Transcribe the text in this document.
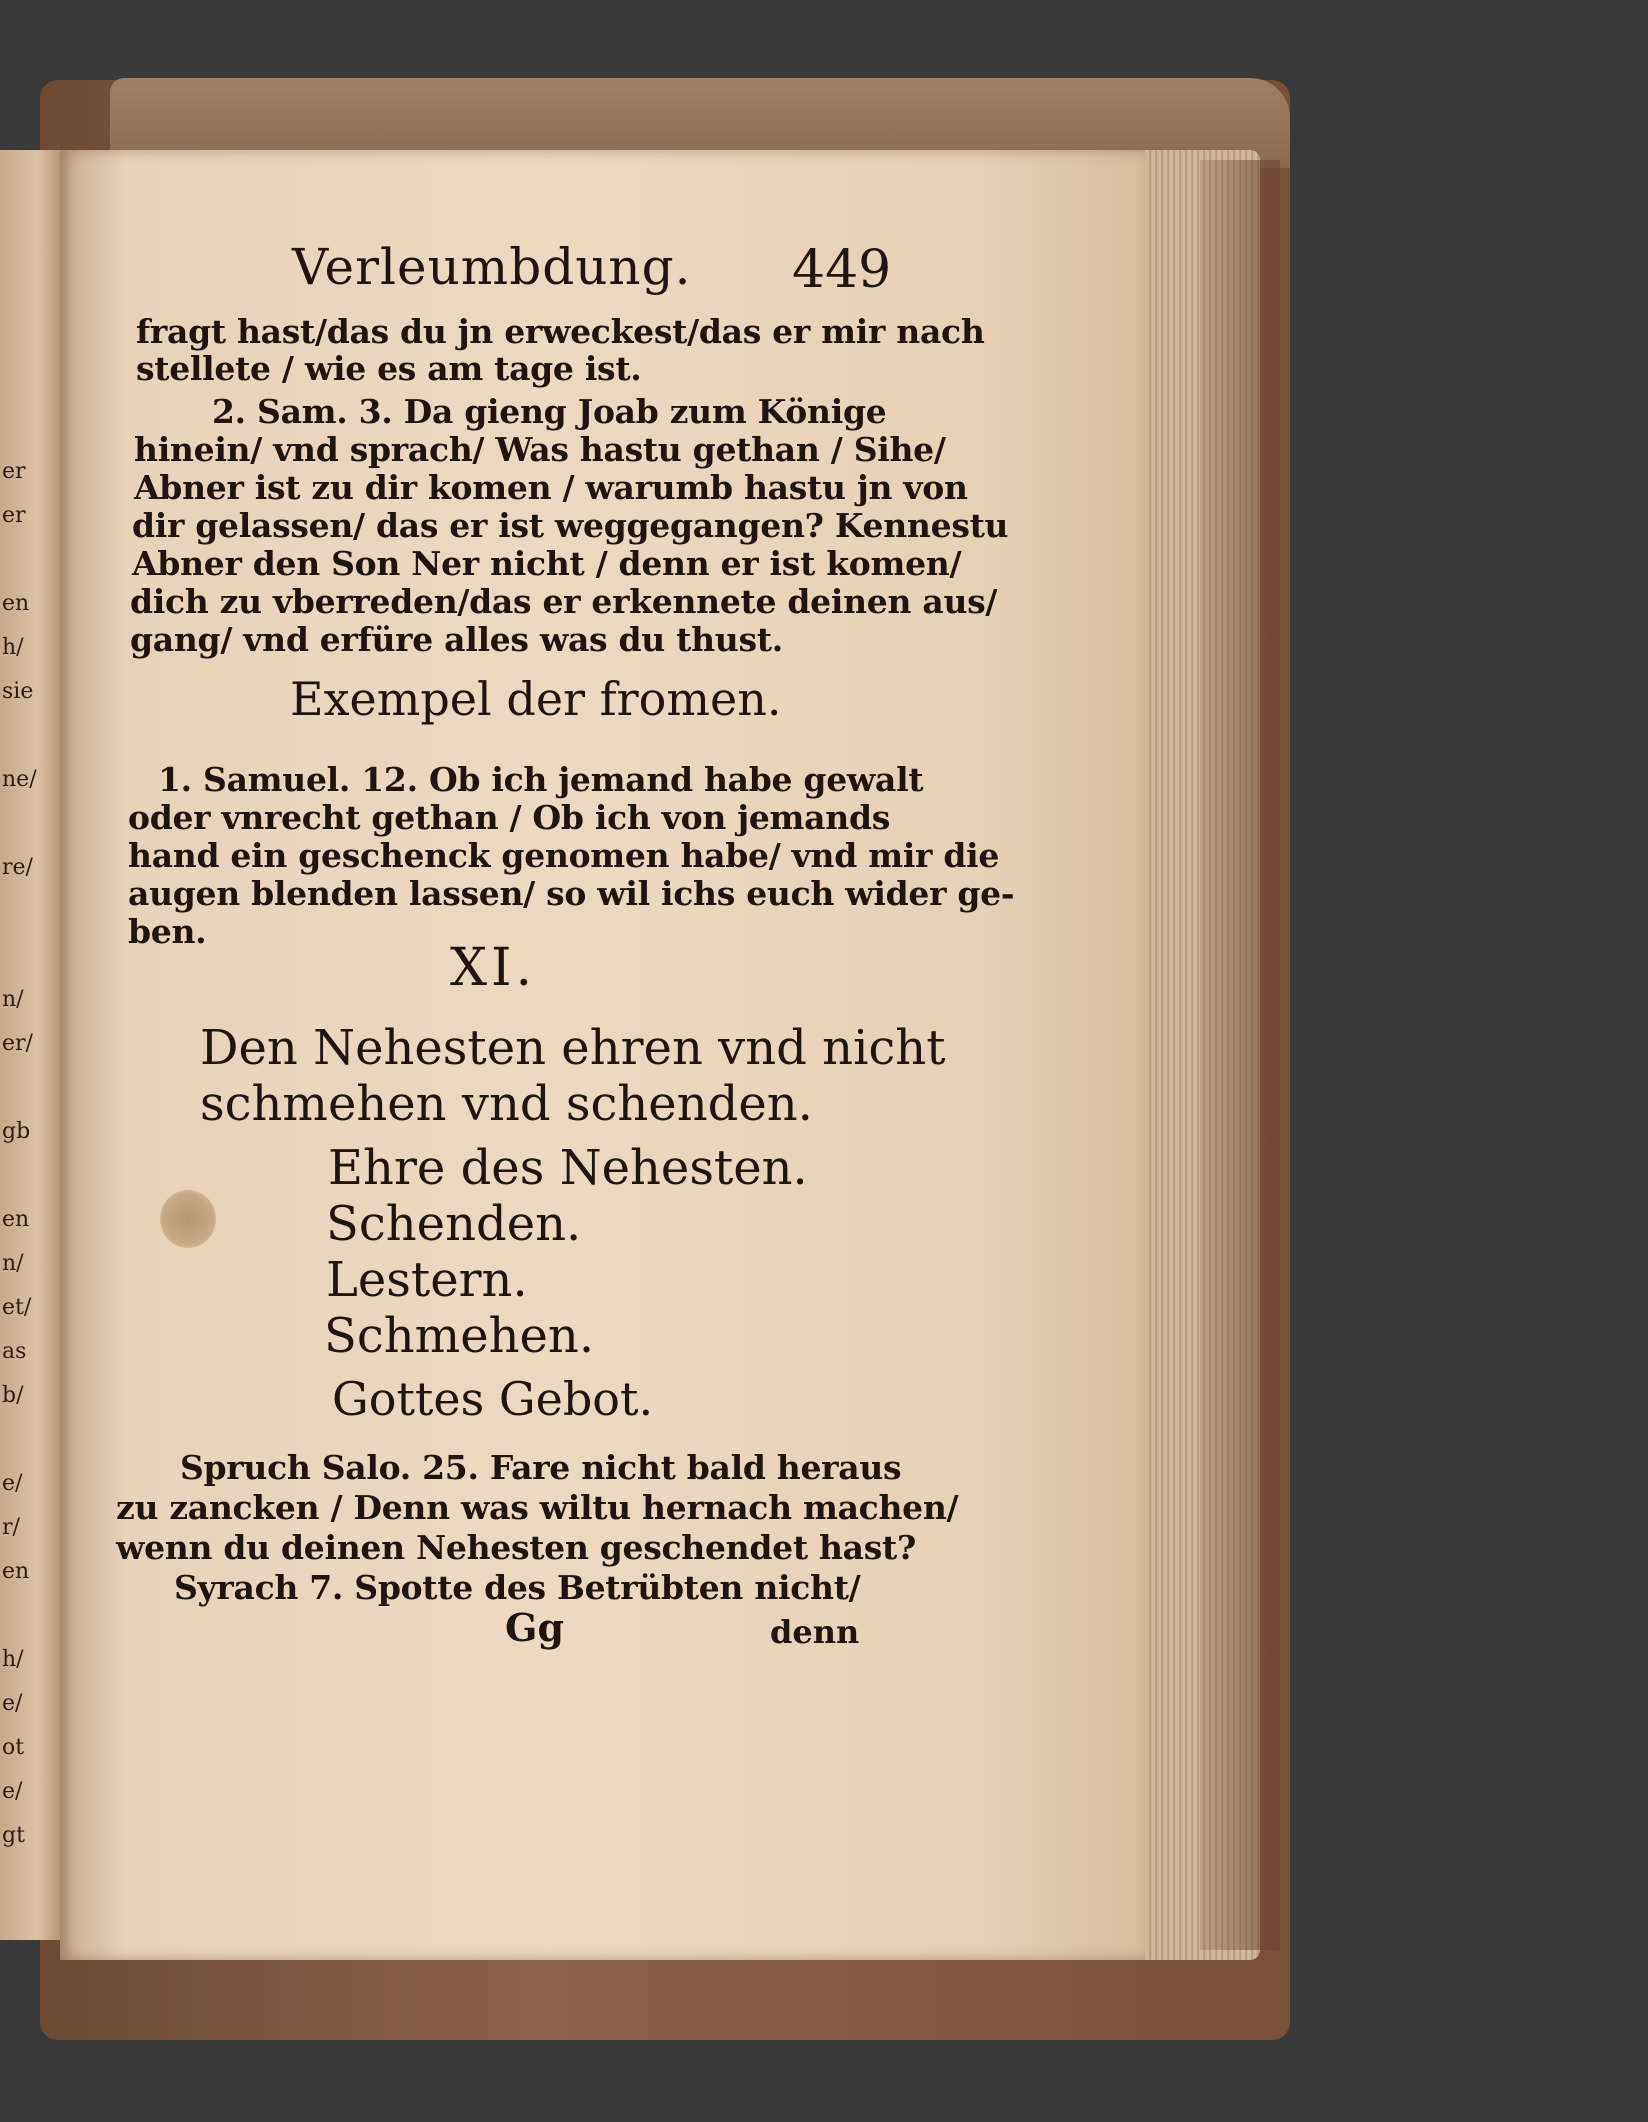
er
er

en
h/
sie

ne/

re/

n/
er/

gb

en
n/
et/
as
b/

e/
r/
en

h/
e/
ot
e/
gt
Verleumbdung. 449
fragt hast/das du jn erweckest/das er mir nach
stellete / wie es am tage ist.
2. Sam. 3. Da gieng Joab zum Könige
hinein/ vnd sprach/ Was hastu gethan / Sihe/
Abner ist zu dir komen / warumb hastu jn von
dir gelassen/ das er ist weggegangen? Kennestu
Abner den Son Ner nicht / denn er ist komen/
dich zu vberreden/das er erkennete deinen aus/
gang/ vnd erfüre alles was du thust.
Exempel der fromen.
1. Samuel. 12. Ob ich jemand habe gewalt
oder vnrecht gethan / Ob ich von jemands
hand ein geschenck genomen habe/ vnd mir die
augen blenden lassen/ so wil ichs euch wider ge-
ben.
XI.
Den Nehesten ehren vnd nicht
schmehen vnd schenden.
Ehre des Nehesten.
Schenden.
Lestern.
Schmehen.
Gottes Gebot.
Spruch Salo. 25. Fare nicht bald heraus
zu zancken / Denn was wiltu hernach machen/
wenn du deinen Nehesten geschendet hast?
Syrach 7. Spotte des Betrübten nicht/
Gg	denn
